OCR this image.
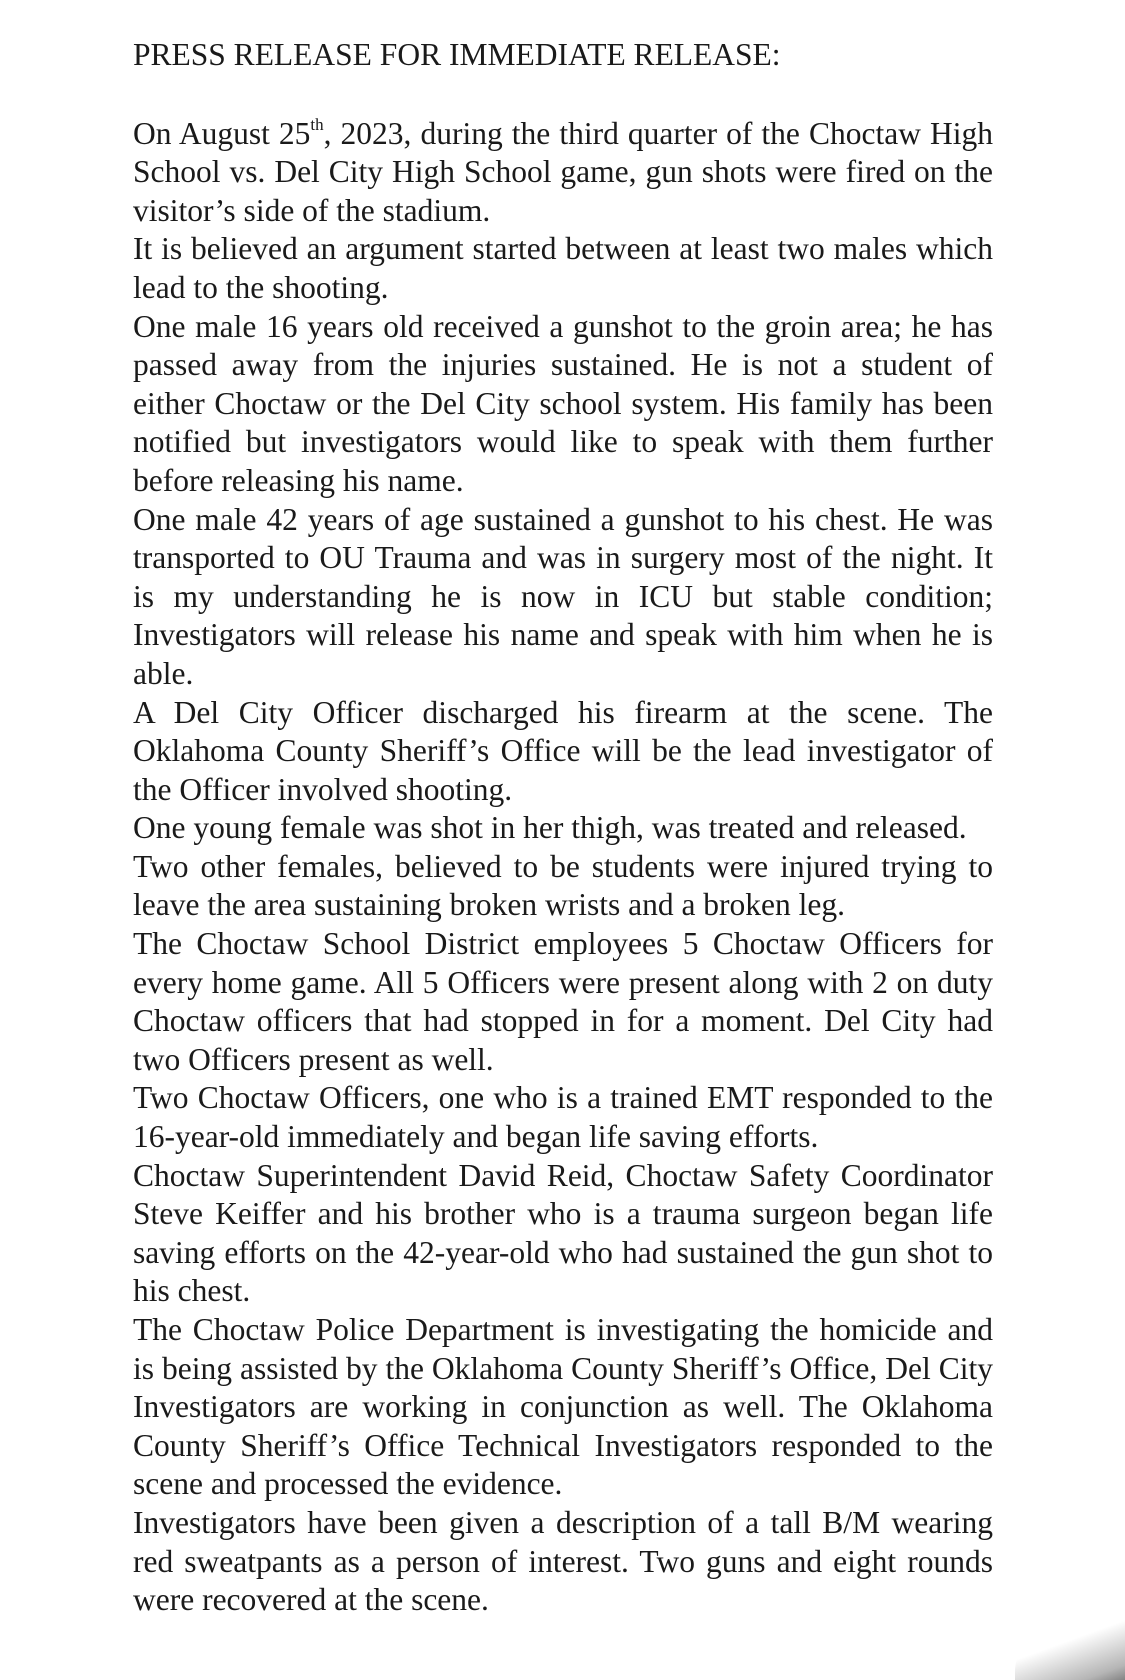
PRESS RELEASE FOR IMMEDIATE RELEASE:

On August 25th, 2023, during the third quarter of the Choctaw High School vs. Del City High School game, gun shots were fired on the visitor’s side of the stadium.

It is believed an argument started between at least two males which lead to the shooting.

One male 16 years old received a gunshot to the groin area; he has passed away from the injuries sustained. He is not a student of either Choctaw or the Del City school system. His family has been notified but investigators would like to speak with them further before releasing his name.

One male 42 years of age sustained a gunshot to his chest. He was transported to OU Trauma and was in surgery most of the night. It is my understanding he is now in ICU but stable condition; Investigators will release his name and speak with him when he is able.

A Del City Officer discharged his firearm at the scene. The Oklahoma County Sheriff’s Office will be the lead investigator of the Officer involved shooting.

One young female was shot in her thigh, was treated and released.

Two other females, believed to be students were injured trying to leave the area sustaining broken wrists and a broken leg.

The Choctaw School District employees 5 Choctaw Officers for every home game. All 5 Officers were present along with 2 on duty Choctaw officers that had stopped in for a moment. Del City had two Officers present as well.

Two Choctaw Officers, one who is a trained EMT responded to the 16-year-old immediately and began life saving efforts.

Choctaw Superintendent David Reid, Choctaw Safety Coordinator Steve Keiffer and his brother who is a trauma surgeon began life saving efforts on the 42-year-old who had sustained the gun shot to his chest.

The Choctaw Police Department is investigating the homicide and is being assisted by the Oklahoma County Sheriff’s Office, Del City Investigators are working in conjunction as well. The Oklahoma County Sheriff’s Office Technical Investigators responded to the scene and processed the evidence.

Investigators have been given a description of a tall B/M wearing red sweatpants as a person of interest. Two guns and eight rounds were recovered at the scene.
